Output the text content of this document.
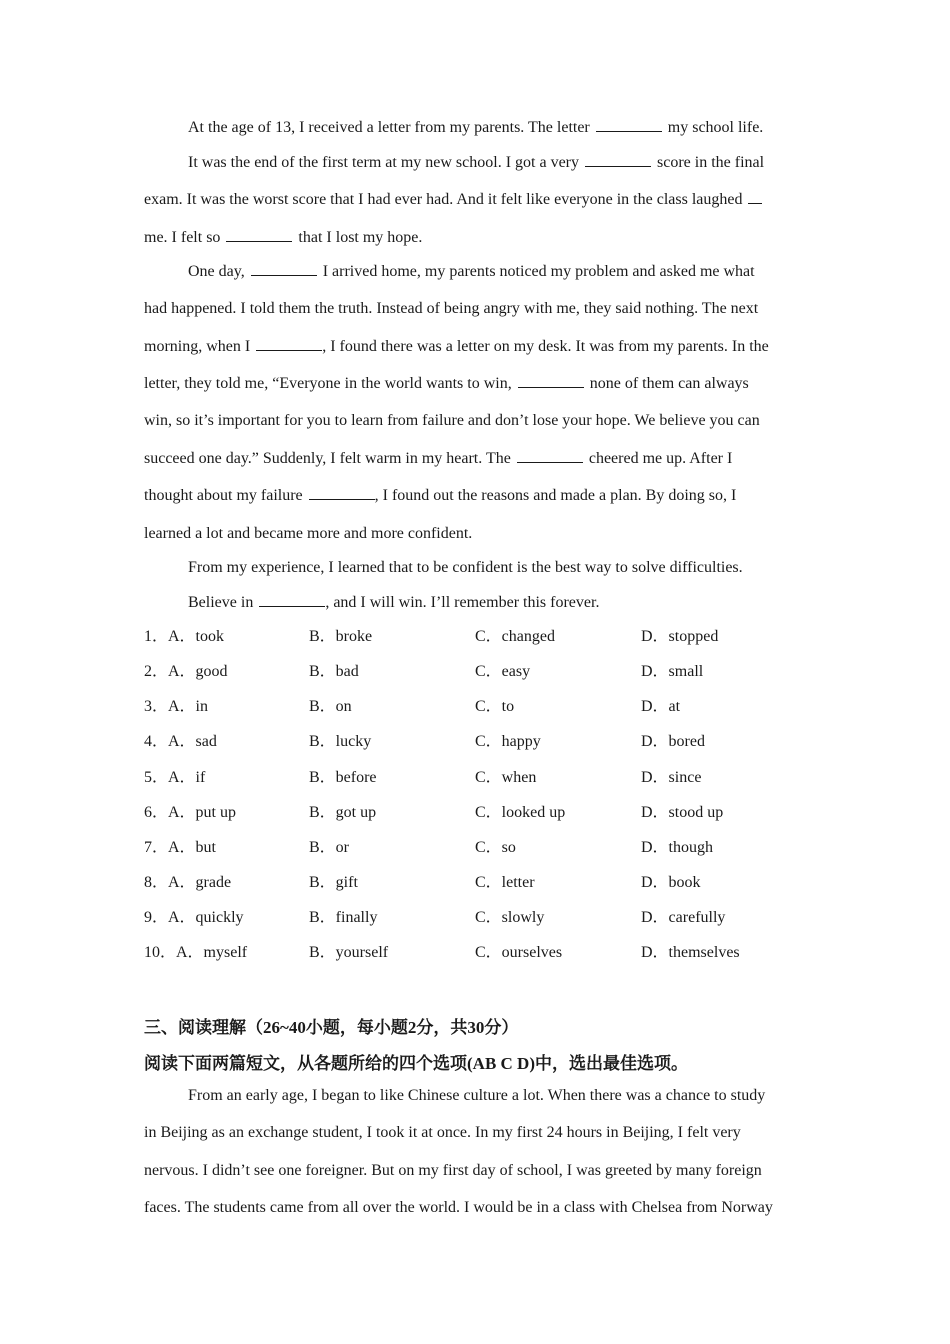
At the age of 13, I received a letter from my parents. The letter	my school life.
It was the end of the first term at my new school. I got a very	score in the final
exam. It was the worst score that I had ever had. And it felt like everyone in the class laughed
me. I felt so	that I lost my hope.
One day,	I arrived home, my parents noticed my problem and asked me what
had happened. I told them the truth. Instead of being angry with me, they said nothing. The next
morning, when I	, I found there was a letter on my desk. It was from my parents. In the
letter, they told me, “Everyone in the world wants to win,	none of them can always
win, so it’s important for you to learn from failure and don’t lose your hope. We believe you can
succeed one day.” Suddenly, I felt warm in my heart. The	cheered me up. After I
thought about my failure	, I found out the reasons and made a plan. By doing so, I
learned a lot and became more and more confident.
From my experience, I learned that to be confident is the best way to solve difficulties.
Believe in	, and I will win. I’ll remember this forever.
1．A．took	B．broke	C．changed	D．stopped
2．A．good	B．bad	C．easy	D．small
3．A．in	B．on	C．to	D．at
4．A．sad	B．lucky	C．happy	D．bored
5．A．if	B．before	C．when	D．since
6．A．put up	B．got up	C．looked up	D．stood up
7．A．but	B．or	C．so	D．though
8．A．grade	B．gift	C．letter	D．book
9．A．quickly	B．finally	C．slowly	D．carefully
10．A．myself	B．yourself	C．ourselves	D．themselves
三、阅读理解（26~40小题，每小题2分，共30分）
阅读下面两篇短文，从各题所给的四个选项(AB C D)中，选出最佳选项。
From an early age, I began to like Chinese culture a lot. When there was a chance to study
in Beijing as an exchange student, I took it at once. In my first 24 hours in Beijing, I felt very
nervous. I didn’t see one foreigner. But on my first day of school, I was greeted by many foreign
faces. The students came from all over the world. I would be in a class with Chelsea from Norway
